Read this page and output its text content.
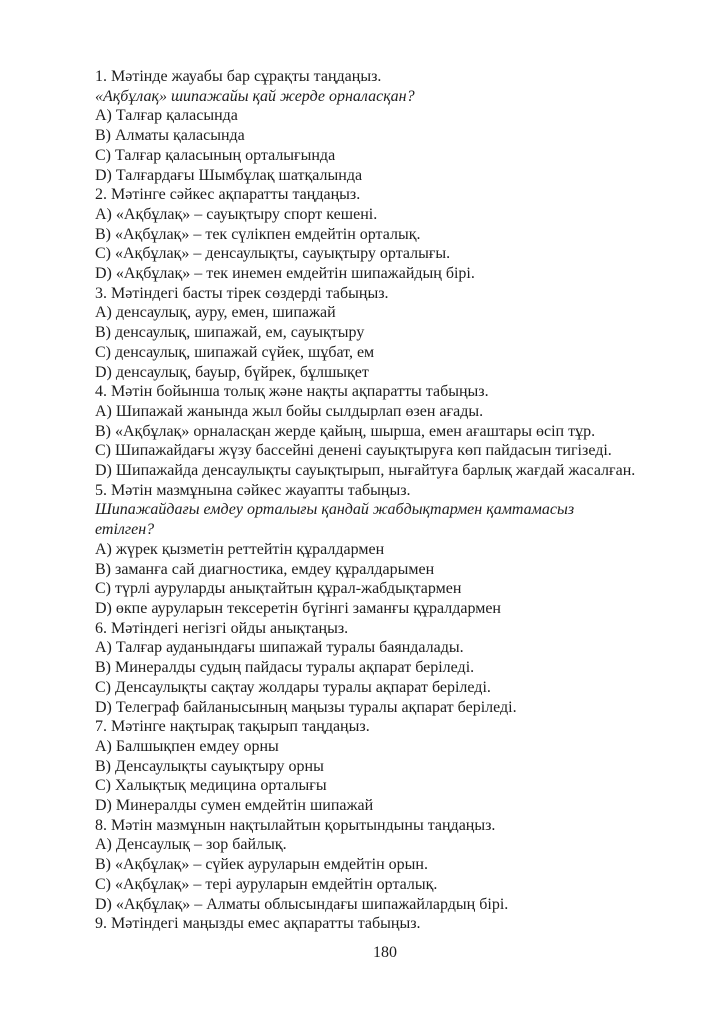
1. Мәтінде жауабы бар сұрақты таңдаңыз.
«Ақбұлақ» шипажайы қай жерде орналасқан?
A) Талғар қаласында
B) Алматы қаласында
C) Талғар қаласының орталығында
D) Талғардағы Шымбұлақ шатқалында
2. Мәтінге сәйкес ақпаратты таңдаңыз.
A) «Ақбұлақ» – сауықтыру спорт кешені.
B) «Ақбұлақ» – тек сүлікпен емдейтін орталық.
C) «Ақбұлақ» – денсаулықты, сауықтыру орталығы.
D) «Ақбұлақ» – тек инемен емдейтін шипажайдың бірі.
3. Мәтіндегі басты тірек сөздерді табыңыз.
A) денсаулық, ауру, емен, шипажай
B) денсаулық, шипажай, ем, сауықтыру
C) денсаулық, шипажай сүйек, шұбат, ем
D) денсаулық, бауыр, бүйрек, бұлшықет
4. Мәтін бойынша толық және нақты ақпаратты табыңыз.
A) Шипажай жанында жыл бойы сылдырлап өзен ағады.
B) «Ақбұлақ» орналасқан жерде қайың, шырша, емен ағаштары өсіп тұр.
C) Шипажайдағы жүзу бассейні денені сауықтыруға көп пайдасын тигізеді.
D) Шипажайда денсаулықты сауықтырып, нығайтуға барлық жағдай жасалған.
5. Мәтін мазмұнына сәйкес жауапты табыңыз.
Шипажайдағы емдеу орталығы қандай жабдықтармен қамтамасыз
етілген?
A) жүрек қызметін реттейтін құралдармен
B) заманға сай диагностика, емдеу құралдарымен
C) түрлі ауруларды анықтайтын құрал-жабдықтармен
D) өкпе ауруларын тексеретін бүгінгі заманғы құралдармен
6. Мәтіндегі негізгі ойды анықтаңыз.
A) Талғар ауданындағы шипажай туралы баяндалады.
B) Минералды судың пайдасы туралы ақпарат беріледі.
C) Денсаулықты сақтау жолдары туралы ақпарат беріледі.
D) Телеграф байланысының маңызы туралы ақпарат беріледі.
7. Мәтінге нақтырақ тақырып таңдаңыз.
A) Балшықпен емдеу орны
B) Денсаулықты сауықтыру орны
C) Халықтық медицина орталығы
D) Минералды сумен емдейтін шипажай
8. Мәтін мазмұнын нақтылайтын қорытындыны таңдаңыз.
A) Денсаулық – зор байлық.
B) «Ақбұлақ» – сүйек ауруларын емдейтін орын.
C) «Ақбұлақ» – тері ауруларын емдейтін орталық.
D) «Ақбұлақ» – Алматы облысындағы шипажайлардың бірі.
9. Мәтіндегі маңызды емес ақпаратты табыңыз.
180
